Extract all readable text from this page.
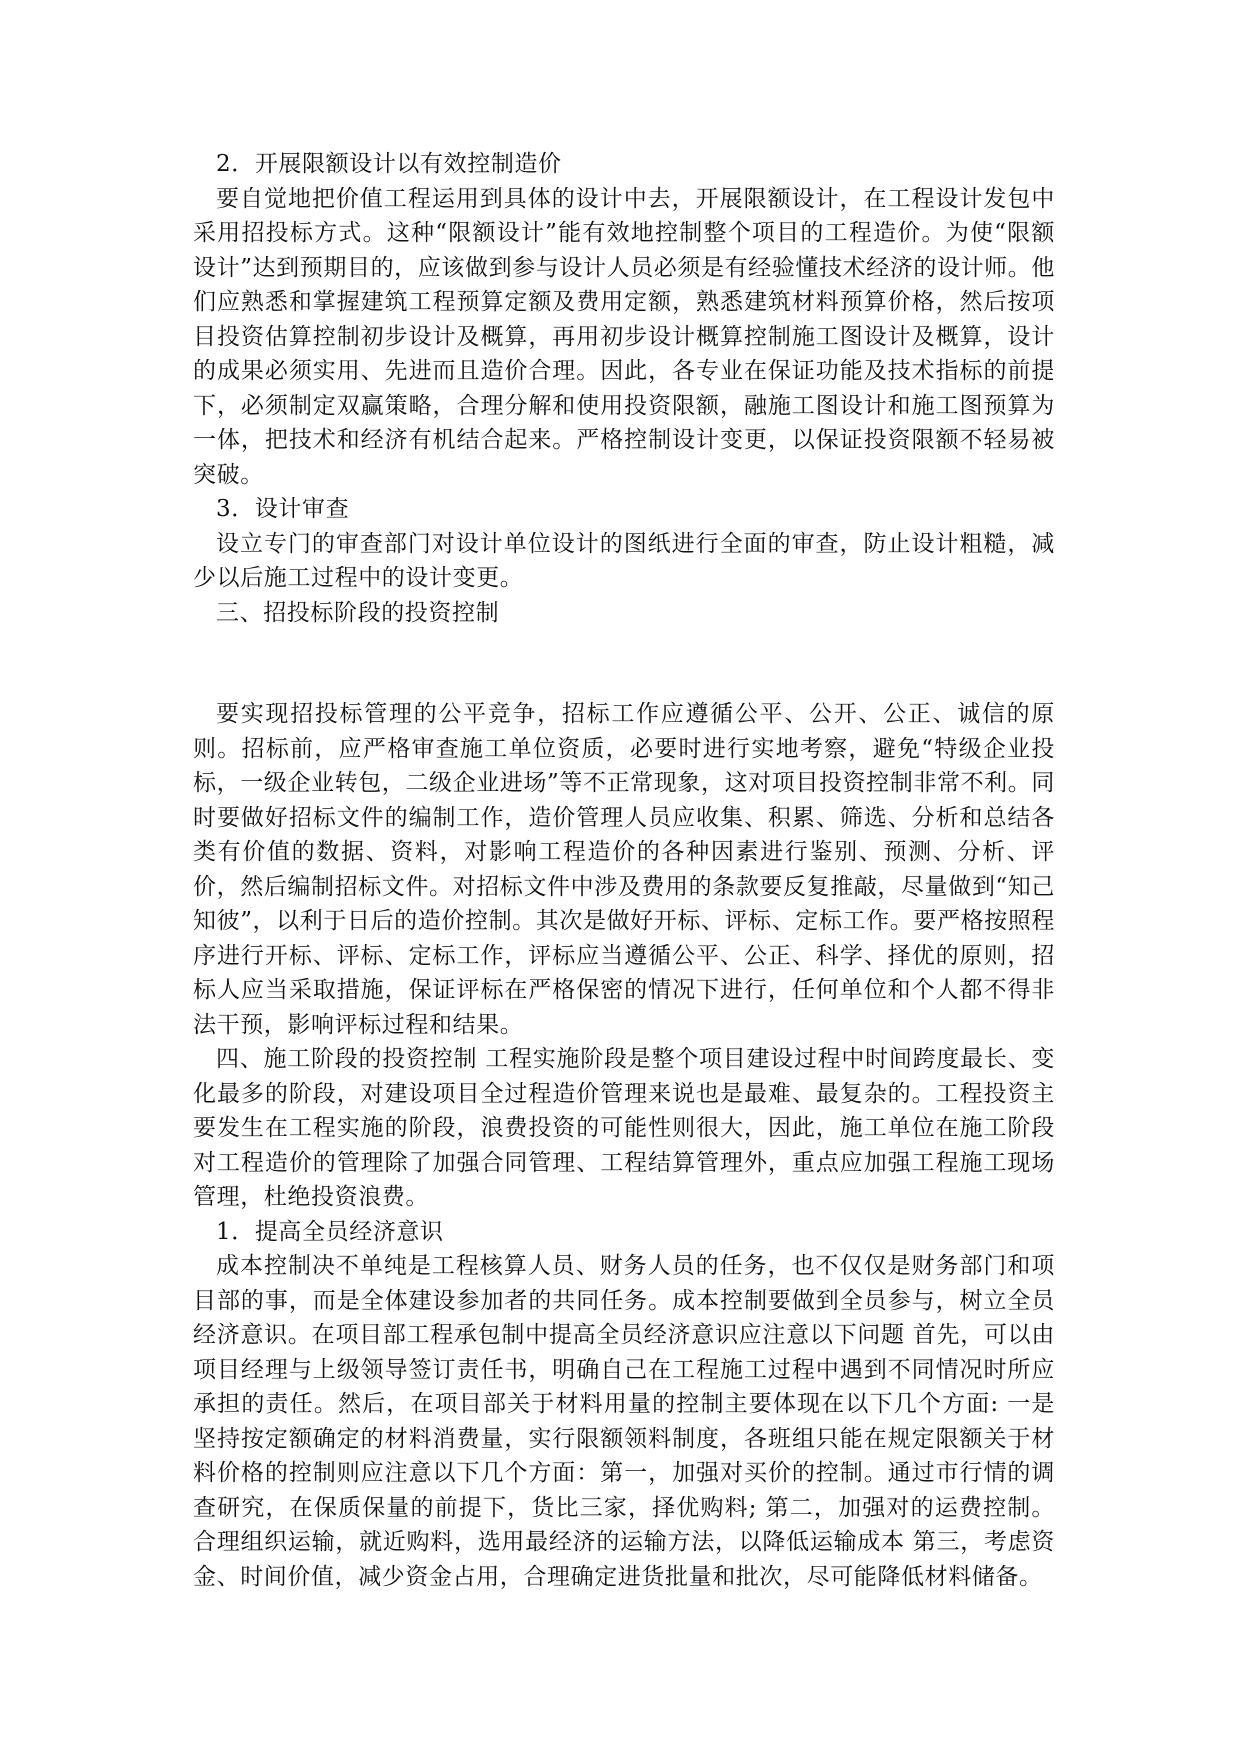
2．开展限额设计以有效控制造价

要自觉地把价值工程运用到具体的设计中去，开展限额设计，在工程设计发包中采用招投标方式。这种“限额设计”能有效地控制整个项目的工程造价。为使“限额设计”达到预期目的，应该做到参与设计人员必须是有经验懂技术经济的设计师。他们应熟悉和掌握建筑工程预算定额及费用定额，熟悉建筑材料预算价格，然后按项目投资估算控制初步设计及概算，再用初步设计概算控制施工图设计及概算，设计的成果必须实用、先进而且造价合理。因此，各专业在保证功能及技术指标的前提下，必须制定双赢策略，合理分解和使用投资限额，融施工图设计和施工图预算为一体，把技术和经济有机结合起来。严格控制设计变更，以保证投资限额不轻易被突破。

3．设计审查

设立专门的审查部门对设计单位设计的图纸进行全面的审查，防止设计粗糙，减少以后施工过程中的设计变更。

三、招投标阶段的投资控制

要实现招投标管理的公平竞争，招标工作应遵循公平、公开、公正、诚信的原则。招标前，应严格审查施工单位资质，必要时进行实地考察，避免“特级企业投标，一级企业转包，二级企业进场”等不正常现象，这对项目投资控制非常不利。同时要做好招标文件的编制工作，造价管理人员应收集、积累、筛选、分析和总结各类有价值的数据、资料，对影响工程造价的各种因素进行鉴别、预测、分析、评价，然后编制招标文件。对招标文件中涉及费用的条款要反复推敲，尽量做到“知己知彼”，以利于日后的造价控制。其次是做好开标、评标、定标工作。要严格按照程序进行开标、评标、定标工作，评标应当遵循公平、公正、科学、择优的原则，招标人应当采取措施，保证评标在严格保密的情况下进行，任何单位和个人都不得非法干预，影响评标过程和结果。

四、施工阶段的投资控制 工程实施阶段是整个项目建设过程中时间跨度最长、变化最多的阶段，对建设项目全过程造价管理来说也是最难、最复杂的。工程投资主要发生在工程实施的阶段，浪费投资的可能性则很大，因此，施工单位在施工阶段对工程造价的管理除了加强合同管理、工程结算管理外，重点应加强工程施工现场管理，杜绝投资浪费。

1．提高全员经济意识

成本控制决不单纯是工程核算人员、财务人员的任务，也不仅仅是财务部门和项目部的事，而是全体建设参加者的共同任务。成本控制要做到全员参与，树立全员经济意识。在项目部工程承包制中提高全员经济意识应注意以下问题 首先，可以由项目经理与上级领导签订责任书，明确自己在工程施工过程中遇到不同情况时所应承担的责任。然后，在项目部关于材料用量的控制主要体现在以下几个方面: 一是坚持按定额确定的材料消费量，实行限额领料制度，各班组只能在规定限额关于材料价格的控制则应注意以下几个方面：第一，加强对买价的控制。通过市行情的调查研究，在保质保量的前提下，货比三家，择优购料; 第二，加强对的运费控制。合理组织运输，就近购料，选用最经济的运输方法，以降低运输成本 第三，考虑资金、时间价值，减少资金占用，合理确定进货批量和批次，尽可能降低材料储备。
